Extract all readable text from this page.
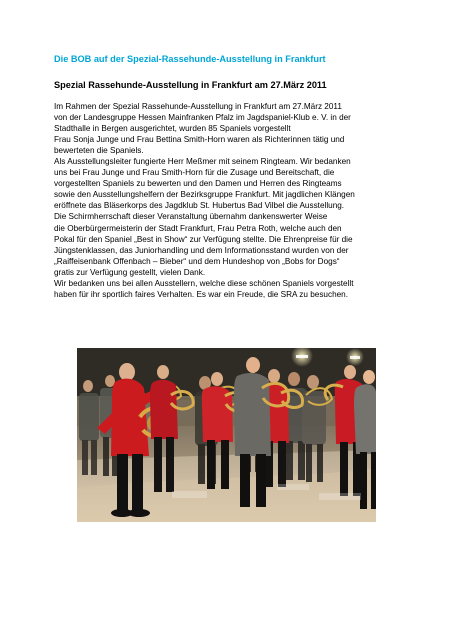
Die BOB auf der Spezial-Rassehunde-Ausstellung in Frankfurt
Spezial Rassehunde-Ausstellung in Frankfurt am 27.März 2011
Im Rahmen der Spezial Rassehunde-Ausstellung in Frankfurt am 27.März 2011
von der Landesgruppe Hessen Mainfranken Pfalz im Jagdspaniel-Klub e. V. in der
Stadthalle in Bergen ausgerichtet, wurden 85 Spaniels vorgestellt
Frau Sonja Junge und Frau Bettina Smith-Horn waren als Richterinnen tätig und
bewerteten die Spaniels.
Als Ausstellungsleiter fungierte Herr Meßmer mit seinem Ringteam. Wir bedanken
uns bei Frau Junge und Frau Smith-Horn für die Zusage und Bereitschaft, die
vorgestellten Spaniels zu bewerten und den Damen und Herren des Ringteams
sowie den Ausstellungshelfern der Bezirksgruppe Frankfurt. Mit jagdlichen Klängen
eröffnete das Bläserkorps des Jagdklub St. Hubertus Bad Vilbel die Ausstellung.
Die Schirmherrschaft dieser Veranstaltung übernahm dankenswerter Weise
die Oberbürgermeisterin der Stadt Frankfurt, Frau Petra Roth, welche auch den
Pokal für den Spaniel „Best in Show“ zur Verfügung stellte. Die Ehrenpreise für die
Jüngstenklassen, das Juniorhandling und dem Informationsstand wurden von der
„Raiffeisenbank Offenbach – Bieber“ und dem Hundeshop von „Bobs for Dogs“
gratis zur Verfügung gestellt, vielen Dank.
Wir bedanken uns bei allen Ausstellern, welche diese schönen Spaniels vorgestellt
haben für ihr sportlich faires Verhalten. Es war ein Freude, die SRA zu besuchen.
